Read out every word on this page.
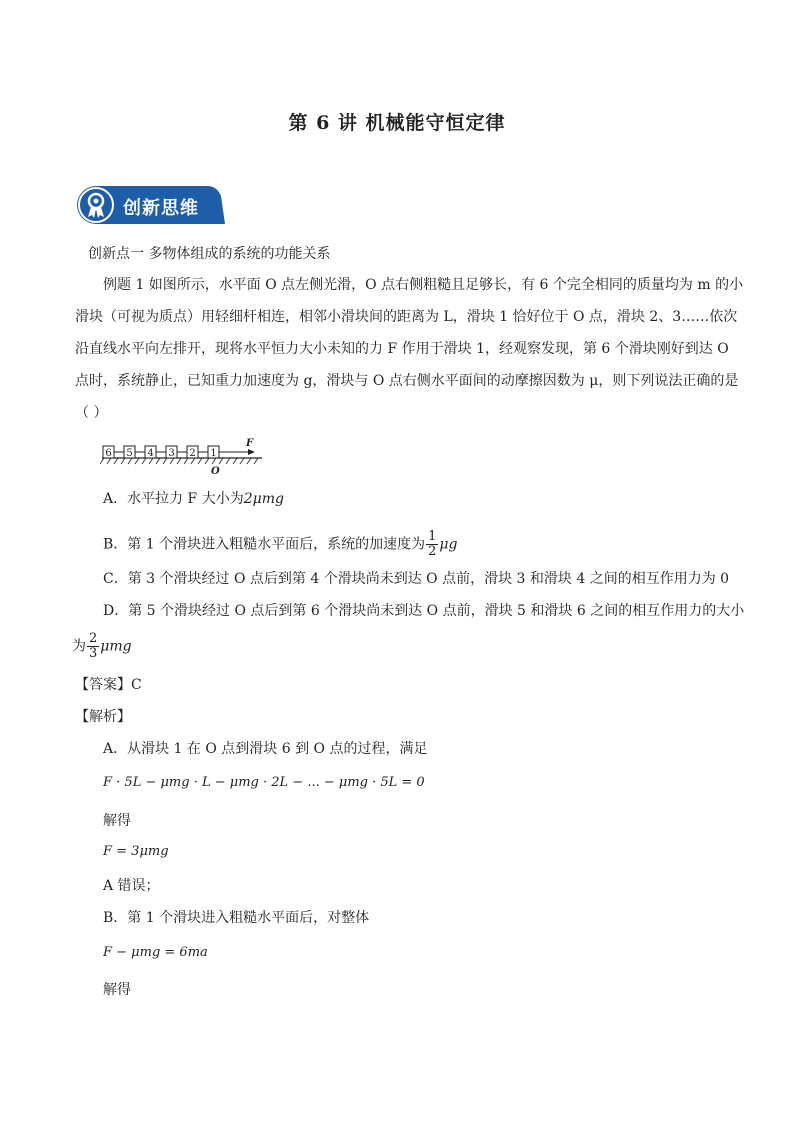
第 6 讲 机械能守恒定律
创新思维
创新点一 多物体组成的系统的功能关系
例题 1 如图所示，水平面 O 点左侧光滑，O 点右侧粗糙且足够长，有 6 个完全相同的质量均为 m 的小
滑块（可视为质点）用轻细杆相连，相邻小滑块间的距离为 L，滑块 1 恰好位于 O 点，滑块 2、3……依次
沿直线水平向左排开，现将水平恒力大小未知的力 F 作用于滑块 1，经观察发现，第 6 个滑块刚好到达 O
点时，系统静止，已知重力加速度为 g，滑块与 O 点右侧水平面间的动摩擦因数为 μ，则下列说法正确的是
（ ）
6 5 4 3 2 1
F
O
A．水平拉力 F 大小为2μmg
B．第 1 个滑块进入粗糙水平面后，系统的加速度为 $\frac{1}{2}$ μg
C．第 3 个滑块经过 O 点后到第 4 个滑块尚未到达 O 点前，滑块 3 和滑块 4 之间的相互作用力为 0
D．第 5 个滑块经过 O 点后到第 6 个滑块尚未到达 O 点前，滑块 5 和滑块 6 之间的相互作用力的大小
为 $\frac{2}{3}$ μmg
【答案】C
【解析】
A．从滑块 1 在 O 点到滑块 6 到 O 点的过程，满足
F · 5L − μmg · L − μmg · 2L − ... − μmg · 5L = 0
解得
F = 3μmg
A 错误；
B．第 1 个滑块进入粗糙水平面后，对整体
F − μmg = 6ma
解得
